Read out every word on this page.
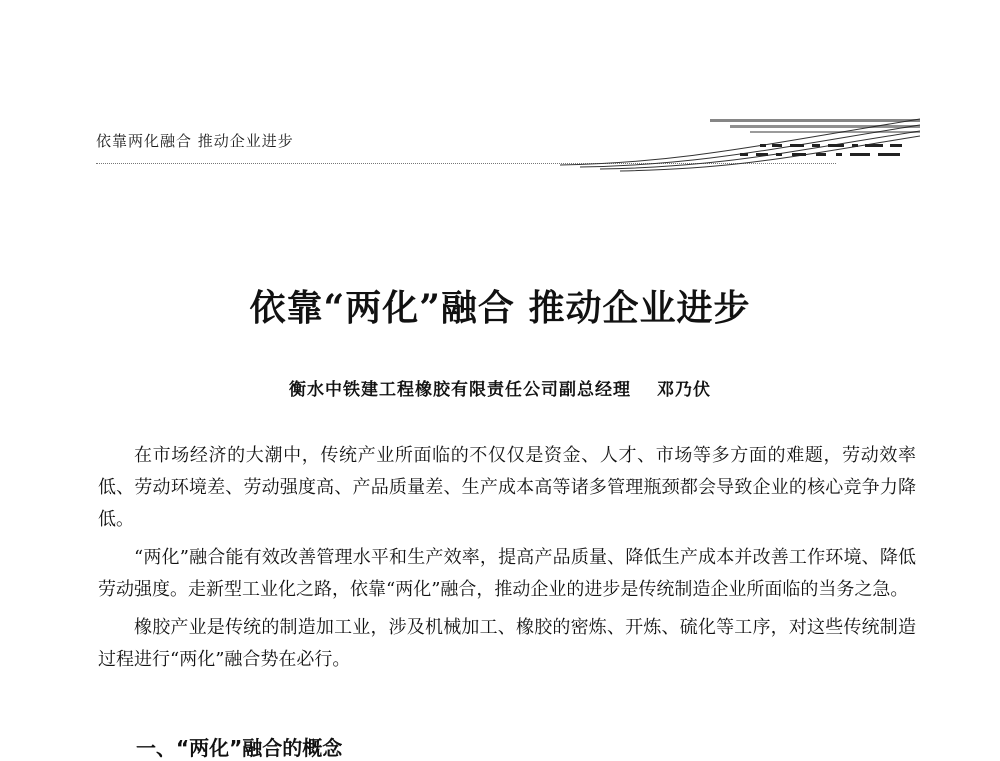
依靠两化融合 推动企业进步
依靠“两化”融合 推动企业进步
衡水中铁建工程橡胶有限责任公司副总经理 邓乃伏

在市场经济的大潮中，传统产业所面临的不仅仅是资金、人才、市场等多方面的难题，劳动效率低、劳动环境差、劳动强度高、产品质量差、生产成本高等诸多管理瓶颈都会导致企业的核心竞争力降低。

“两化”融合能有效改善管理水平和生产效率，提高产品质量、降低生产成本并改善工作环境、降低劳动强度。走新型工业化之路，依靠“两化”融合，推动企业的进步是传统制造企业所面临的当务之急。

橡胶产业是传统的制造加工业，涉及机械加工、橡胶的密炼、开炼、硫化等工序，对这些传统制造过程进行“两化”融合势在必行。

一、“两化”融合的概念
